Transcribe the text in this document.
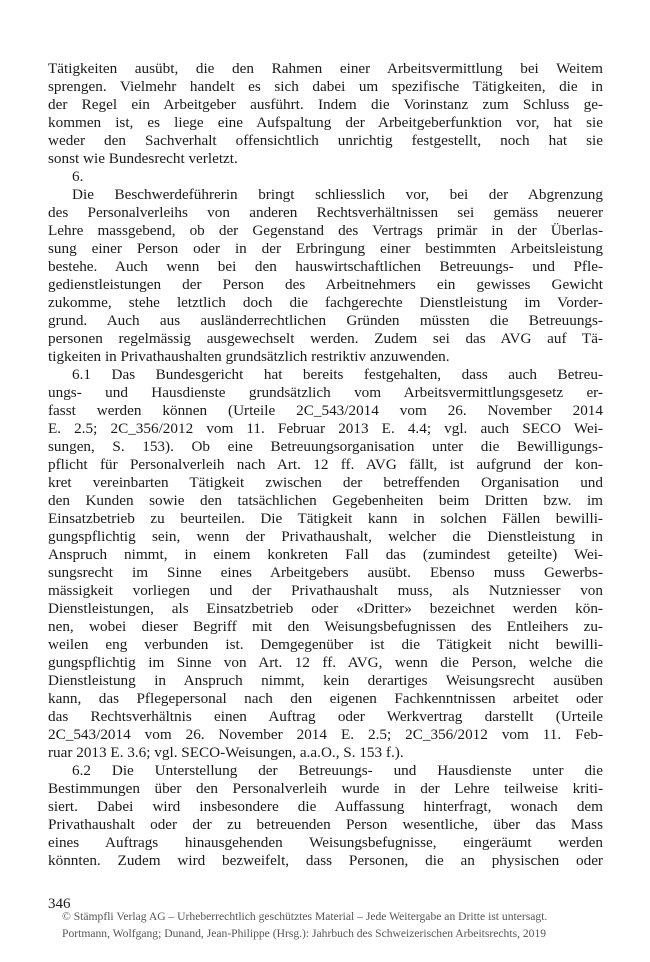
Tätigkeiten ausübt, die den Rahmen einer Arbeitsvermittlung bei Weitem
sprengen. Vielmehr handelt es sich dabei um spezifische Tätigkeiten, die in
der Regel ein Arbeitgeber ausführt. Indem die Vorinstanz zum Schluss ge-
kommen ist, es liege eine Aufspaltung der Arbeitgeberfunktion vor, hat sie
weder den Sachverhalt offensichtlich unrichtig festgestellt, noch hat sie
sonst wie Bundesrecht verletzt.
6.
Die Beschwerdeführerin bringt schliesslich vor, bei der Abgrenzung
des Personalverleihs von anderen Rechtsverhältnissen sei gemäss neuerer
Lehre massgebend, ob der Gegenstand des Vertrags primär in der Überlas-
sung einer Person oder in der Erbringung einer bestimmten Arbeitsleistung
bestehe. Auch wenn bei den hauswirtschaftlichen Betreuungs- und Pfle-
gedienstleistungen der Person des Arbeitnehmers ein gewisses Gewicht
zukomme, stehe letztlich doch die fachgerechte Dienstleistung im Vorder-
grund. Auch aus ausländerrechtlichen Gründen müssten die Betreuungs-
personen regelmässig ausgewechselt werden. Zudem sei das AVG auf Tä-
tigkeiten in Privathaushalten grundsätzlich restriktiv anzuwenden.
6.1 Das Bundesgericht hat bereits festgehalten, dass auch Betreu-
ungs- und Hausdienste grundsätzlich vom Arbeitsvermittlungsgesetz er-
fasst werden können (Urteile 2C_543/2014 vom 26. November 2014
E. 2.5; 2C_356/2012 vom 11. Februar 2013 E. 4.4; vgl. auch SECO Wei-
sungen, S. 153). Ob eine Betreuungsorganisation unter die Bewilligungs-
pflicht für Personalverleih nach Art. 12 ff. AVG fällt, ist aufgrund der kon-
kret vereinbarten Tätigkeit zwischen der betreffenden Organisation und
den Kunden sowie den tatsächlichen Gegebenheiten beim Dritten bzw. im
Einsatzbetrieb zu beurteilen. Die Tätigkeit kann in solchen Fällen bewilli-
gungspflichtig sein, wenn der Privathaushalt, welcher die Dienstleistung in
Anspruch nimmt, in einem konkreten Fall das (zumindest geteilte) Wei-
sungsrecht im Sinne eines Arbeitgebers ausübt. Ebenso muss Gewerbs-
mässigkeit vorliegen und der Privathaushalt muss, als Nutzniesser von
Dienstleistungen, als Einsatzbetrieb oder «Dritter» bezeichnet werden kön-
nen, wobei dieser Begriff mit den Weisungsbefugnissen des Entleihers zu-
weilen eng verbunden ist. Demgegenüber ist die Tätigkeit nicht bewilli-
gungspflichtig im Sinne von Art. 12 ff. AVG, wenn die Person, welche die
Dienstleistung in Anspruch nimmt, kein derartiges Weisungsrecht ausüben
kann, das Pflegepersonal nach den eigenen Fachkenntnissen arbeitet oder
das Rechtsverhältnis einen Auftrag oder Werkvertrag darstellt (Urteile
2C_543/2014 vom 26. November 2014 E. 2.5; 2C_356/2012 vom 11. Feb-
ruar 2013 E. 3.6; vgl. SECO-Weisungen, a.a.O., S. 153 f.).
6.2 Die Unterstellung der Betreuungs- und Hausdienste unter die
Bestimmungen über den Personalverleih wurde in der Lehre teilweise kriti-
siert. Dabei wird insbesondere die Auffassung hinterfragt, wonach dem
Privathaushalt oder der zu betreuenden Person wesentliche, über das Mass
eines Auftrags hinausgehenden Weisungsbefugnisse, eingeräumt werden
könnten. Zudem wird bezweifelt, dass Personen, die an physischen oder
346
© Stämpfli Verlag AG – Urheberrechtlich geschütztes Material – Jede Weitergabe an Dritte ist untersagt.
Portmann, Wolfgang; Dunand, Jean-Philippe (Hrsg.): Jahrbuch des Schweizerischen Arbeitsrechts, 2019
